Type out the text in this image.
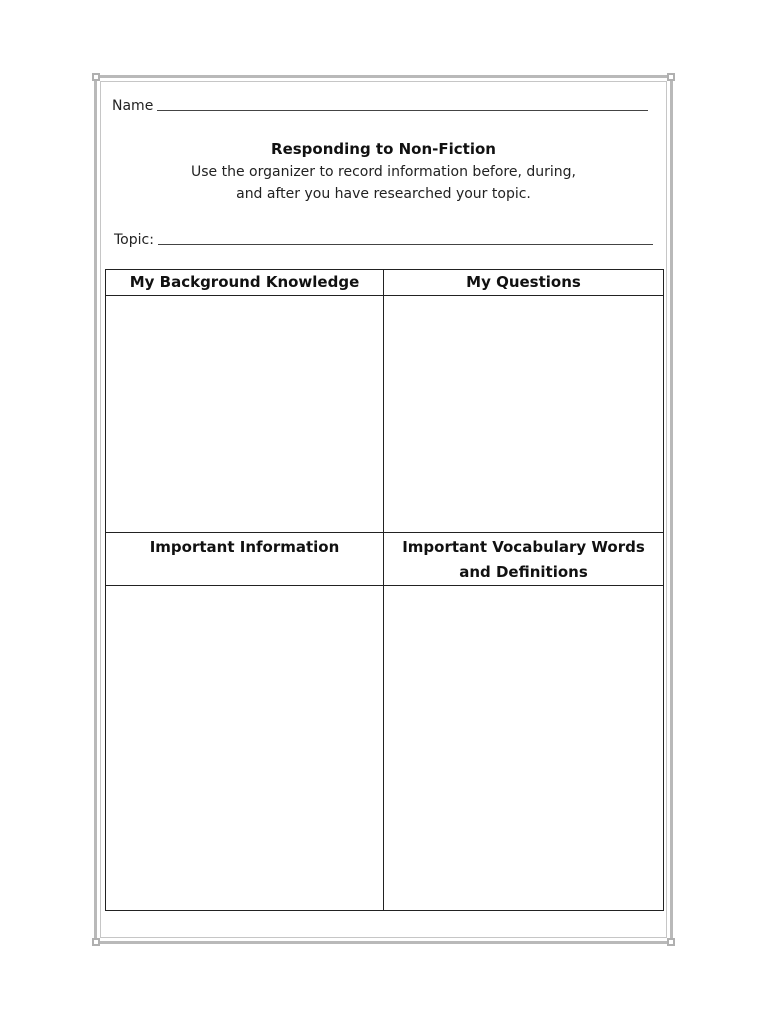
Name
Responding to Non-Fiction
Use the organizer to record information before, during,
and after you have researched your topic.
Topic:
My Background Knowledge	My Questions

Important Information	Important Vocabulary Words
and Definitions
